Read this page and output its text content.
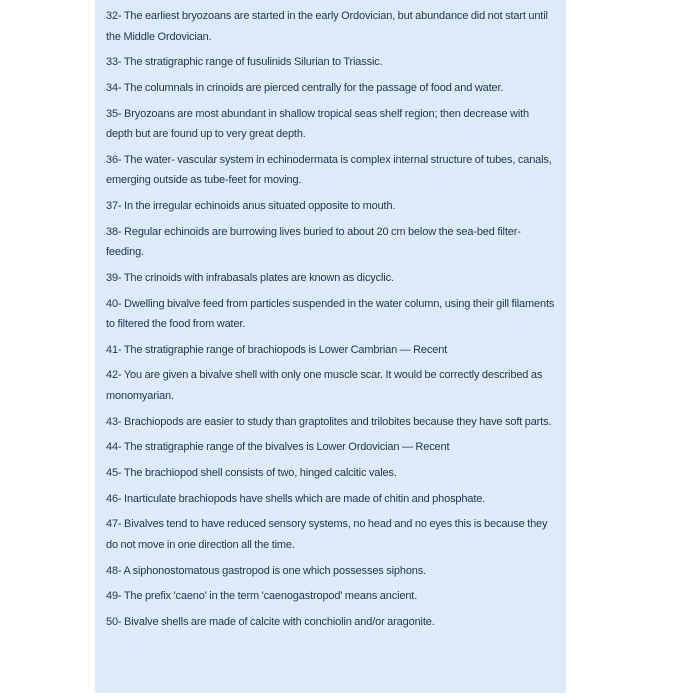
32- The earliest bryozoans are started in the early Ordovician, but abundance did not start until the Middle Ordovician.
33- The stratigraphic range of fusulinids Silurian to Triassic.
34- The columnals in crinoids are pierced centrally for the passage of food and water.
35- Bryozoans are most abundant in shallow tropical seas shelf region; then decrease with depth but are found up to very great depth.
36- The water- vascular system in echinodermata is complex internal structure of tubes, canals, emerging outside as tube-feet for moving.
37- In the irregular echinoids anus situated opposite to mouth.
38- Regular echinoids are burrowing lives buried to about 20 cm below the sea-bed filter-feeding.
39- The crinoids with infrabasals plates are known as dicyclic.
40- Dwelling bivalve feed from particles suspended in the water column, using their gill filaments to filtered the food from water.
41- The stratigraphie range of brachiopods is Lower Cambrian — Recent
42- You are given a bivalve shell with only one muscle scar. It would be correctly described as monomyarian.
43- Brachiopods are easier to study than graptolites and trilobites because they have soft parts.
44- The stratigraphie range of the bivalves is Lower Ordovician — Recent
45- The brachiopod shell consists of two, hinged calcitic vales.
46- Inarticulate brachiopods have shells which are made of chitin and phosphate.
47- Bivalves tend to have reduced sensory systems, no head and no eyes this is because they do not move in one direction all the time.
48- A siphonostomatous gastropod is one which possesses siphons.
49- The prefix 'caeno' in the term 'caenogastropod' means ancient.
50- Bivalve shells are made of calcite with conchiolin and/or aragonite.
